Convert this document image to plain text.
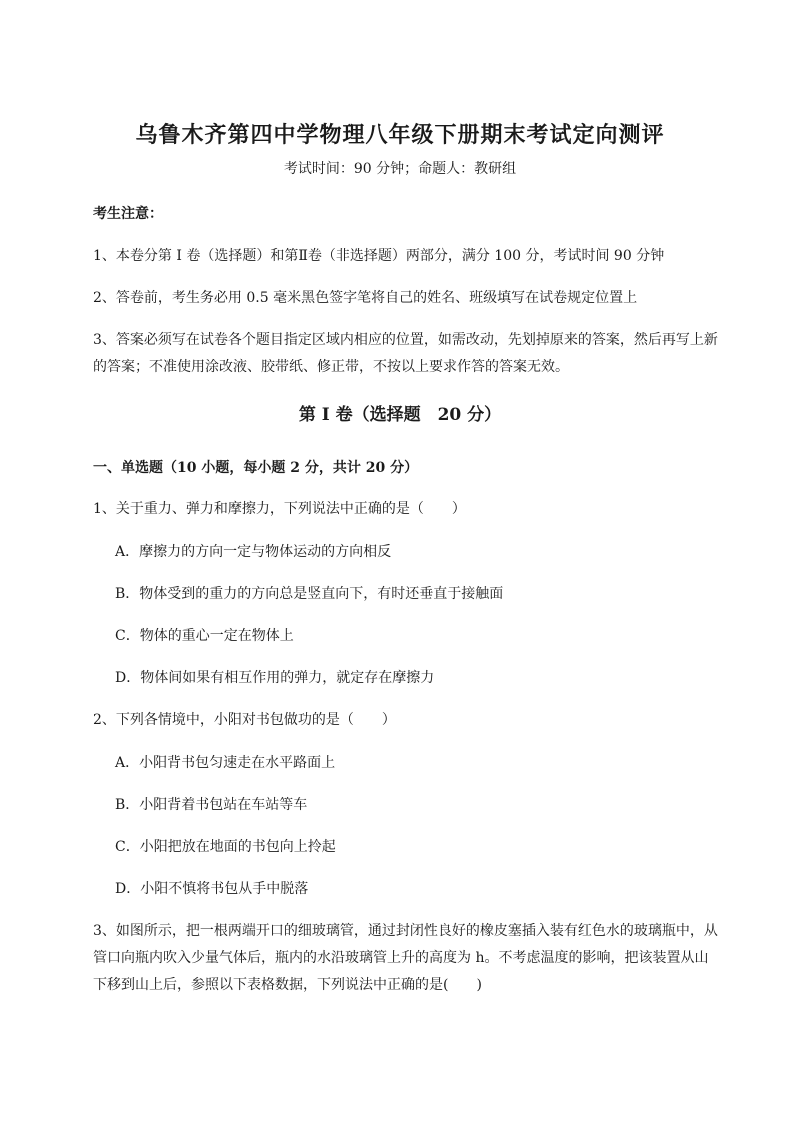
乌鲁木齐第四中学物理八年级下册期末考试定向测评
考试时间：90 分钟；命题人：教研组
考生注意：
1、本卷分第 I 卷（选择题）和第Ⅱ卷（非选择题）两部分，满分 100 分，考试时间 90 分钟
2、答卷前，考生务必用 0.5 毫米黑色签字笔将自己的姓名、班级填写在试卷规定位置上
3、答案必须写在试卷各个题目指定区域内相应的位置，如需改动，先划掉原来的答案，然后再写上新
的答案；不准使用涂改液、胶带纸、修正带，不按以上要求作答的答案无效。
第 I 卷（选择题　20 分）
一、单选题（10 小题，每小题 2 分，共计 20 分）
1、关于重力、弹力和摩擦力，下列说法中正确的是（　　）
A．摩擦力的方向一定与物体运动的方向相反
B．物体受到的重力的方向总是竖直向下，有时还垂直于接触面
C．物体的重心一定在物体上
D．物体间如果有相互作用的弹力，就定存在摩擦力
2、下列各情境中，小阳对书包做功的是（　　）
A．小阳背书包匀速走在水平路面上
B．小阳背着书包站在车站等车
C．小阳把放在地面的书包向上拎起
D．小阳不慎将书包从手中脱落
3、如图所示，把一根两端开口的细玻璃管，通过封闭性良好的橡皮塞插入装有红色水的玻璃瓶中，从
管口向瓶内吹入少量气体后，瓶内的水沿玻璃管上升的高度为 h。不考虑温度的影响，把该装置从山
下移到山上后，参照以下表格数据，下列说法中正确的是(　　)
